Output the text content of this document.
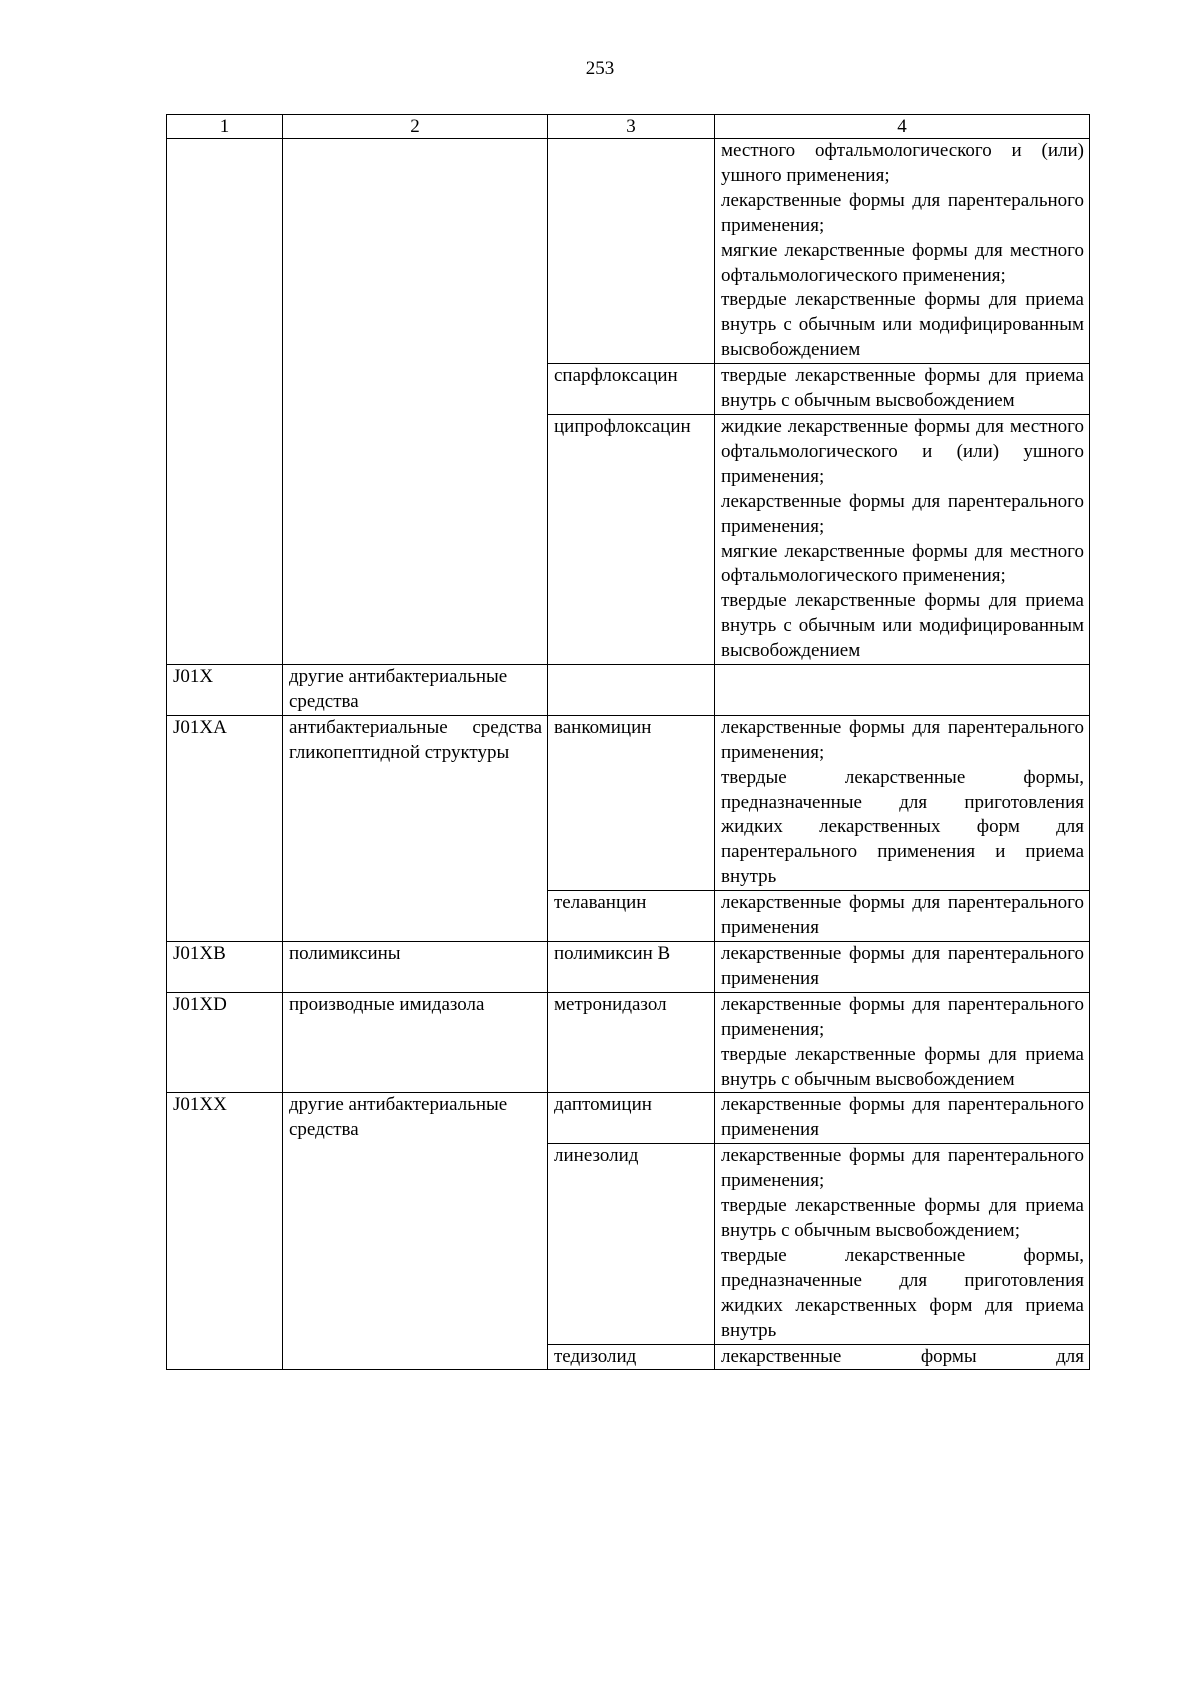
253
1	2	3	4

			местного офтальмологического и (или) ушного применения;
лекарственные формы для парентерального применения;
мягкие лекарственные формы для местного офтальмологического применения;
твердые лекарственные формы для приема внутрь с обычным или модифицированным высвобождением

		спарфлоксацин	твердые лекарственные формы для приема внутрь с обычным высвобождением

		ципрофлоксацин	жидкие лекарственные формы для местного офтальмологического и (или) ушного применения;
лекарственные формы для парентерального применения;
мягкие лекарственные формы для местного офтальмологического применения;
твердые лекарственные формы для приема внутрь с обычным или модифицированным высвобождением

J01X	другие антибактериальные средства		
J01XA	антибактериальные средства гликопептидной структуры	ванкомицин	лекарственные формы для парентерального применения;
твердые лекарственные формы, предназначенные для приготовления жидких лекарственных форм для парентерального применения и приема внутрь

		телаванцин	лекарственные формы для парентерального применения

J01XB	полимиксины	полимиксин B	лекарственные формы для парентерального применения

J01XD	производные имидазола	метронидазол	лекарственные формы для парентерального применения;
твердые лекарственные формы для приема внутрь с обычным высвобождением

J01XX	другие антибактериальные средства	даптомицин	лекарственные формы для парентерального применения

		линезолид	лекарственные формы для парентерального применения;
твердые лекарственные формы для приема внутрь с обычным высвобождением;
твердые лекарственные формы, предназначенные для приготовления жидких лекарственных форм для приема внутрь

		тедизолид	лекарственные формы для
